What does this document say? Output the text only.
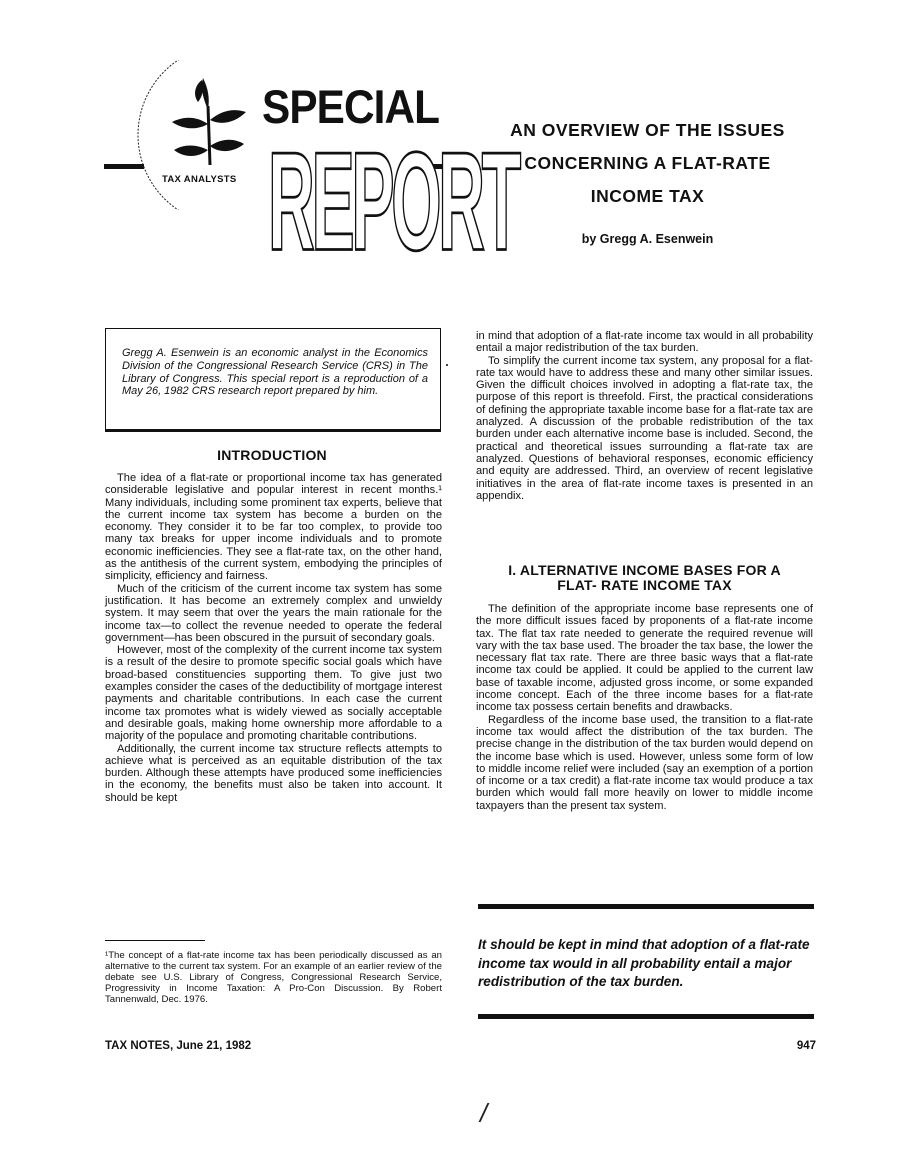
TAX ANALYSTS
SPECIAL
REPORT
AN OVERVIEW OF THE ISSUES
CONCERNING A FLAT-RATE
INCOME TAX
by Gregg A. Esenwein
Gregg A. Esenwein is an economic analyst in the Economics Division of the Congressional Research Service (CRS) in The Library of Congress. This special report is a reproduction of a May 26, 1982 CRS research report prepared by him.
INTRODUCTION

The idea of a flat-rate or proportional income tax has generated considerable legislative and popular interest in recent months.¹ Many individuals, including some prominent tax experts, believe that the current income tax system has become a burden on the economy. They consider it to be far too complex, to provide too many tax breaks for upper income individuals and to promote economic inefficiencies. They see a flat-rate tax, on the other hand, as the antithesis of the current system, embodying the principles of simplicity, efficiency and fairness.

Much of the criticism of the current income tax system has some justification. It has become an extremely complex and unwieldy system. It may seem that over the years the main rationale for the income tax—to collect the revenue needed to operate the federal government—has been obscured in the pursuit of secondary goals.

However, most of the complexity of the current income tax system is a result of the desire to promote specific social goals which have broad-based constituencies supporting them. To give just two examples consider the cases of the deductibility of mortgage interest payments and charitable contributions. In each case the current income tax promotes what is widely viewed as socially acceptable and desirable goals, making home ownership more affordable to a majority of the populace and promoting charitable contributions.

Additionally, the current income tax structure reflects attempts to achieve what is perceived as an equitable distribution of the tax burden. Although these attempts have produced some inefficiencies in the economy, the benefits must also be taken into account. It should be kept

¹The concept of a flat-rate income tax has been periodically discussed as an alternative to the current tax system. For an example of an earlier review of the debate see U.S. Library of Congress, Congressional Research Service, Progressivity in Income Taxation: A Pro-Con Discussion. By Robert Tannenwald, Dec. 1976.

in mind that adoption of a flat-rate income tax would in all probability entail a major redistribution of the tax burden.

To simplify the current income tax system, any proposal for a flat-rate tax would have to address these and many other similar issues. Given the difficult choices involved in adopting a flat-rate tax, the purpose of this report is threefold. First, the practical considerations of defining the appropriate taxable income base for a flat-rate tax are analyzed. A discussion of the probable redistribution of the tax burden under each alternative income base is included. Second, the practical and theoretical issues surrounding a flat-rate tax are analyzed. Questions of behavioral responses, economic efficiency and equity are addressed. Third, an overview of recent legislative initiatives in the area of flat-rate income taxes is presented in an appendix.

I. ALTERNATIVE INCOME BASES FOR A
FLAT- RATE INCOME TAX

The definition of the appropriate income base represents one of the more difficult issues faced by proponents of a flat-rate income tax. The flat tax rate needed to generate the required revenue will vary with the tax base used. The broader the tax base, the lower the necessary flat tax rate. There are three basic ways that a flat-rate income tax could be applied. It could be applied to the current law base of taxable income, adjusted gross income, or some expanded income concept. Each of the three income bases for a flat-rate income tax possess certain benefits and drawbacks.

Regardless of the income base used, the transition to a flat-rate income tax would affect the distribution of the tax burden. The precise change in the distribution of the tax burden would depend on the income base which is used. However, unless some form of low to middle income relief were included (say an exemption of a portion of income or a tax credit) a flat-rate income tax would produce a tax burden which would fall more heavily on lower to middle income taxpayers than the present tax system.

It should be kept in mind that adoption of a flat-rate income tax would in all probability entail a major redistribution of the tax burden.
TAX NOTES, June 21, 1982	947
/
